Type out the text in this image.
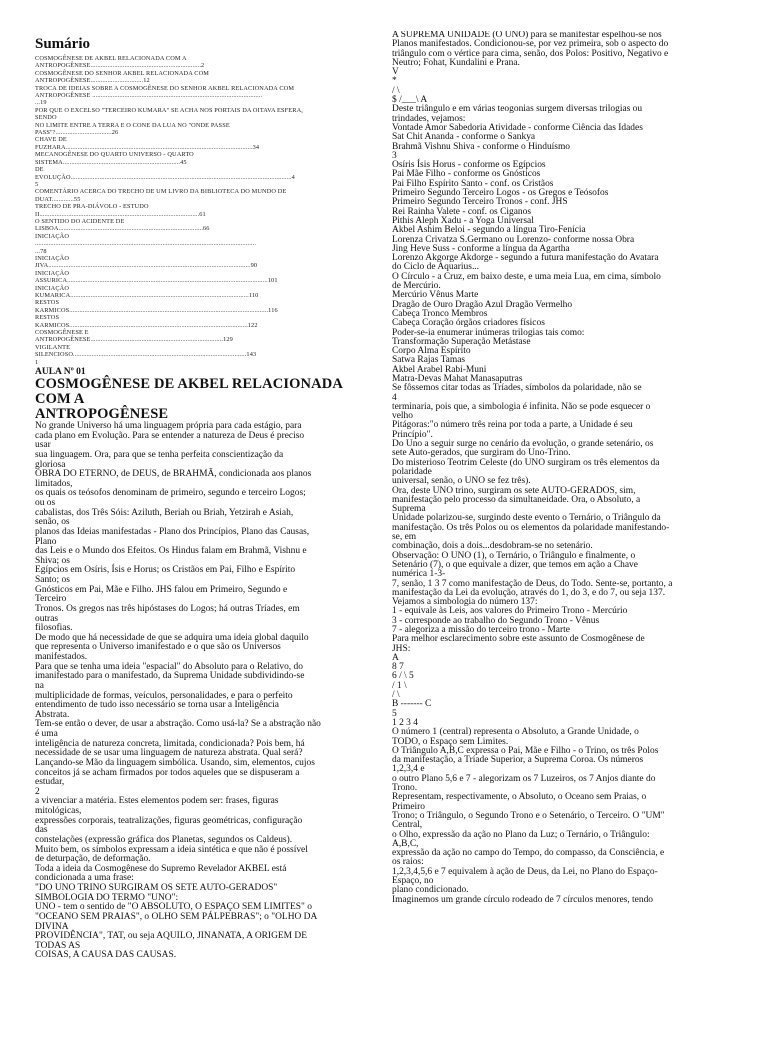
Sumário
COSMOGÊNESE DE AKBEL RELACIONADA COM A
ANTROPOGÊNESE.................................................................2
COSMOGÊNESE DO SENHOR AKBEL RELACIONADA COM
ANTROPOGÊNESE...............................12
TROCA DE IDEIAS SOBRE A COSMOGÊNESE DO SENHOR AKBEL RELACIONADA COM
ANTROPOGÊNESE ....................................................................................................
...19
POR QUE O EXCELSO "TERCEIRO KUMARA" SE ACHA NOS PORTAIS DA OITAVA ESFERA,
SENDO
NO LIMITE ENTRE A TERRA E O CONE DA LUA NO "ONDE PASSE
PASS"?.................................26
CHAVE DE
FUZHARA..............................................................................................................34
MECANOGÊNESE DO QUARTO UNIVERSO - QUARTO
SISTEMA.....................................................................45
DE
EVOLUÇÃO..................................................................................................................................4
5
COMENTÁRIO ACERCA DO TRECHO DE UM LIVRO DA BIBLIOTECA DO MUNDO DE
DUAT.............55
TRECHO DE PRA-DIÁVOLO - ESTUDO
II..............................................................................................61
O SENTIDO DO ACIDENTE DE
LISBOA.....................................................................................66
INICIAÇÃO
..................................................................................................................................
...78
INICIAÇÃO
JIVA.......................................................................................................................90
INICIAÇÃO
ASSURICA......................................................................................................................101
INICIAÇÃO
KUMARICA.........................................................................................................110
RESTOS
KARMICOS.....................................................................................................................116
RESTOS
KARMICOS.........................................................................................................122
COSMOGÊNESE E
ANTROPOGÊNESE..............................................................................129
VIGILANTE
SILENCIOSO......................................................................................................143
1
AULA Nº 01
COSMOGÊNESE DE AKBEL RELACIONADA COM A
ANTROPOGÊNESE
No grande Universo há uma linguagem própria para cada estágio, para
cada plano em Evolução. Para se entender a natureza de Deus é preciso
usar
sua linguagem. Ora, para que se tenha perfeita conscientização da
gloriosa
OBRA DO ETERNO, de DEUS, de BRAHMÃ, condicionada aos planos
limitados,
os quais os teósofos denominam de primeiro, segundo e terceiro Logos;
ou os
cabalistas, dos Três Sóis: Aziluth, Beriah ou Briah, Yetzirah e Asiah,
senão, os
planos das Ideias manifestadas - Plano dos Princípios, Plano das Causas,
Plano
das Leis e o Mundo dos Efeitos. Os Hindus falam em Brahmã, Vishnu e
Shiva; os
Egípcios em Osíris, Ísis e Horus; os Cristãos em Pai, Filho e Espírito
Santo; os
Gnósticos em Pai, Mãe e Filho. JHS falou em Primeiro, Segundo e
Terceiro
Tronos. Os gregos nas três hipóstases do Logos; há outras Tríades, em
outras
filosofias.
De modo que há necessidade de que se adquira uma ideia global daquilo
que representa o Universo imanifestado e o que são os Universos
manifestados.
Para que se tenha uma ideia "espacial" do Absoluto para o Relativo, do
imanifestado para o manifestado, da Suprema Unidade subdividindo-se
na
multiplicidade de formas, veículos, personalidades, e para o perfeito
entendimento de tudo isso necessário se torna usar a Inteligência
Abstrata.
Tem-se então o dever, de usar a abstração. Como usá-la? Se a abstração não
é uma
inteligência de natureza concreta, limitada, condicionada? Pois bem, há
necessidade de se usar uma linguagem de natureza abstrata. Qual será?
Lançando-se Mão da linguagem simbólica. Usando, sim, elementos, cujos
conceitos já se acham firmados por todos aqueles que se dispuseram a
estudar,
2
a vivenciar a matéria. Estes elementos podem ser: frases, figuras
mitológicas,
expressões corporais, teatralizações, figuras geométricas, configuração
das
constelações (expressão gráfica dos Planetas, segundos os Caldeus).
Muito bem, os símbolos expressam a ideia sintética e que não é possível
de deturpação, de deformação.
Toda a ideia da Cosmogênese do Supremo Revelador AKBEL está
condicionada a uma frase:
"DO UNO TRINO SURGIRAM OS SETE AUTO-GERADOS"
SIMBOLOGIA DO TERMO "UNO":
UNO - tem o sentido de "O ABSOLUTO, O ESPAÇO SEM LIMITES" o
"OCEANO SEM PRAIAS", o OLHO SEM PÁLPEBRAS"; o "OLHO DA
DIVINA
PROVIDÊNCIA", TAT, ou seja AQUILO, JINANATA, A ORIGEM DE
TODAS AS
COISAS, A CAUSA DAS CAUSAS.
A SUPREMA UNIDADE (O UNO) para se manifestar espelhou-se nos
Planos manifestados. Condicionou-se, por vez primeira, sob o aspecto do
triângulo com o vértice para cima, senão, dos Polos: Positivo, Negativo e
Neutro; Fohat, Kundalini e Prana.
V
*
/ \
$ /___\ A
Deste triângulo e em várias teogonias surgem diversas trilogias ou
trindades, vejamos:
Vontade Amor Sabedoria Atividade - conforme Ciência das Idades
Sat Chit Ananda - conforme o Sankya
Brahmã Vishnu Shiva - conforme o Hinduísmo
3
Osíris Ísis Horus - conforme os Egípcios
Pai Mãe Filho - conforme os Gnósticos
Pai Filho Espírito Santo - conf. os Cristãos
Primeiro Segundo Terceiro Logos - os Gregos e Teósofos
Primeiro Segundo Terceiro Tronos - conf. JHS
Rei Rainha Valete - conf. os Ciganos
Pithis Aleph Xadu - a Yoga Universal
Akbel Ashim Beloi - segundo a língua Tiro-Fenícia
Lorenza Crivatza S.Germano ou Lorenzo- conforme nossa Obra
Jing Heve Suss - conforme a língua da Agartha
Lorenzo Akgorge Akdorge - segundo a futura manifestação do Avatara
do Ciclo de Aquarius...
O Círculo - a Cruz, em baixo deste, e uma meia Lua, em cima, símbolo
de Mercúrio.
Mercúrio Vênus Marte
Dragão de Ouro Dragão Azul Dragão Vermelho
Cabeça Tronco Membros
Cabeça Coração órgãos criadores físicos
Poder-se-ia enumerar inúmeras trilogias tais como:
Transformação Superação Metástase
Corpo Alma Espírito
Satwa Rajas Tamas
Akbel Arabel Rabi-Muni
Matra-Devas Mahat Manasaputras
Se fôssemos citar todas as Tríades, símbolos da polaridade, não se
4
terminaria, pois que, a simbologia é infinita. Não se pode esquecer o
velho
Pitágoras:"o número três reina por toda a parte, a Unidade é seu
Princípio".
Do Uno a seguir surge no cenário da evolução, o grande setenário, os
sete Auto-gerados, que surgiram do Uno-Trino.
Do misterioso Teotrim Celeste (do UNO surgiram os três elementos da
polaridade
universal, senão, o UNO se fez três).
Ora, deste UNO trino, surgiram os sete AUTO-GERADOS, sim,
manifestação pelo processo da simultaneidade. Ora, o Absoluto, a
Suprema
Unidade polarizou-se, surgindo deste evento o Ternário, o Triângulo da
manifestação. Os três Polos ou os elementos da polaridade manifestando-
se, em
combinação, dois a dois...desdobram-se no setenário.
Observação: O UNO (1), o Ternário, o Triângulo e finalmente, o
Setenário (7), o que equivale a dizer, que temos em ação a Chave
numérica 1-3-
7, senão, 1 3 7 como manifestação de Deus, do Todo. Sente-se, portanto, a
manifestação da Lei da evolução, através do 1, do 3, e do 7, ou seja 137.
Vejamos a simbologia do número 137:
1 - equivale às Leis, aos valores do Primeiro Trono - Mercúrio
3 - corresponde ao trabalho do Segundo Trono - Vênus
7 - alegoriza a missão do terceiro trono - Marte
Para melhor esclarecimento sobre este assunto de Cosmogênese de
JHS:
A
8 7
6 / \ 5
/ 1 \
/ \
B ------- C
5
1 2 3 4
O número 1 (central) representa o Absoluto, a Grande Unidade, o
TODO, o Espaço sem Limites.
O Triângulo A,B,C expressa o Pai, Mãe e Filho - o Trino, os três Polos
da manifestação, a Tríade Superior, a Suprema Coroa. Os números
1,2,3,4 e
o outro Plano 5,6 e 7 - alegorizam os 7 Luzeiros, os 7 Anjos diante do
Trono.
Representam, respectivamente, o Absoluto, o Oceano sem Praias, o
Primeiro
Trono; o Triângulo, o Segundo Trono e o Setenário, o Terceiro. O "UM"
Central,
o Olho, expressão da ação no Plano da Luz; o Ternário, o Triângulo:
A,B,C,
expressão da ação no campo do Tempo, do compasso, da Consciência, e
os raios:
1,2,3,4,5,6 e 7 equivalem à ação de Deus, da Lei, no Plano do Espaço-
Espaço, no
plano condicionado.
Imaginemos um grande círculo rodeado de 7 círculos menores, tendo
